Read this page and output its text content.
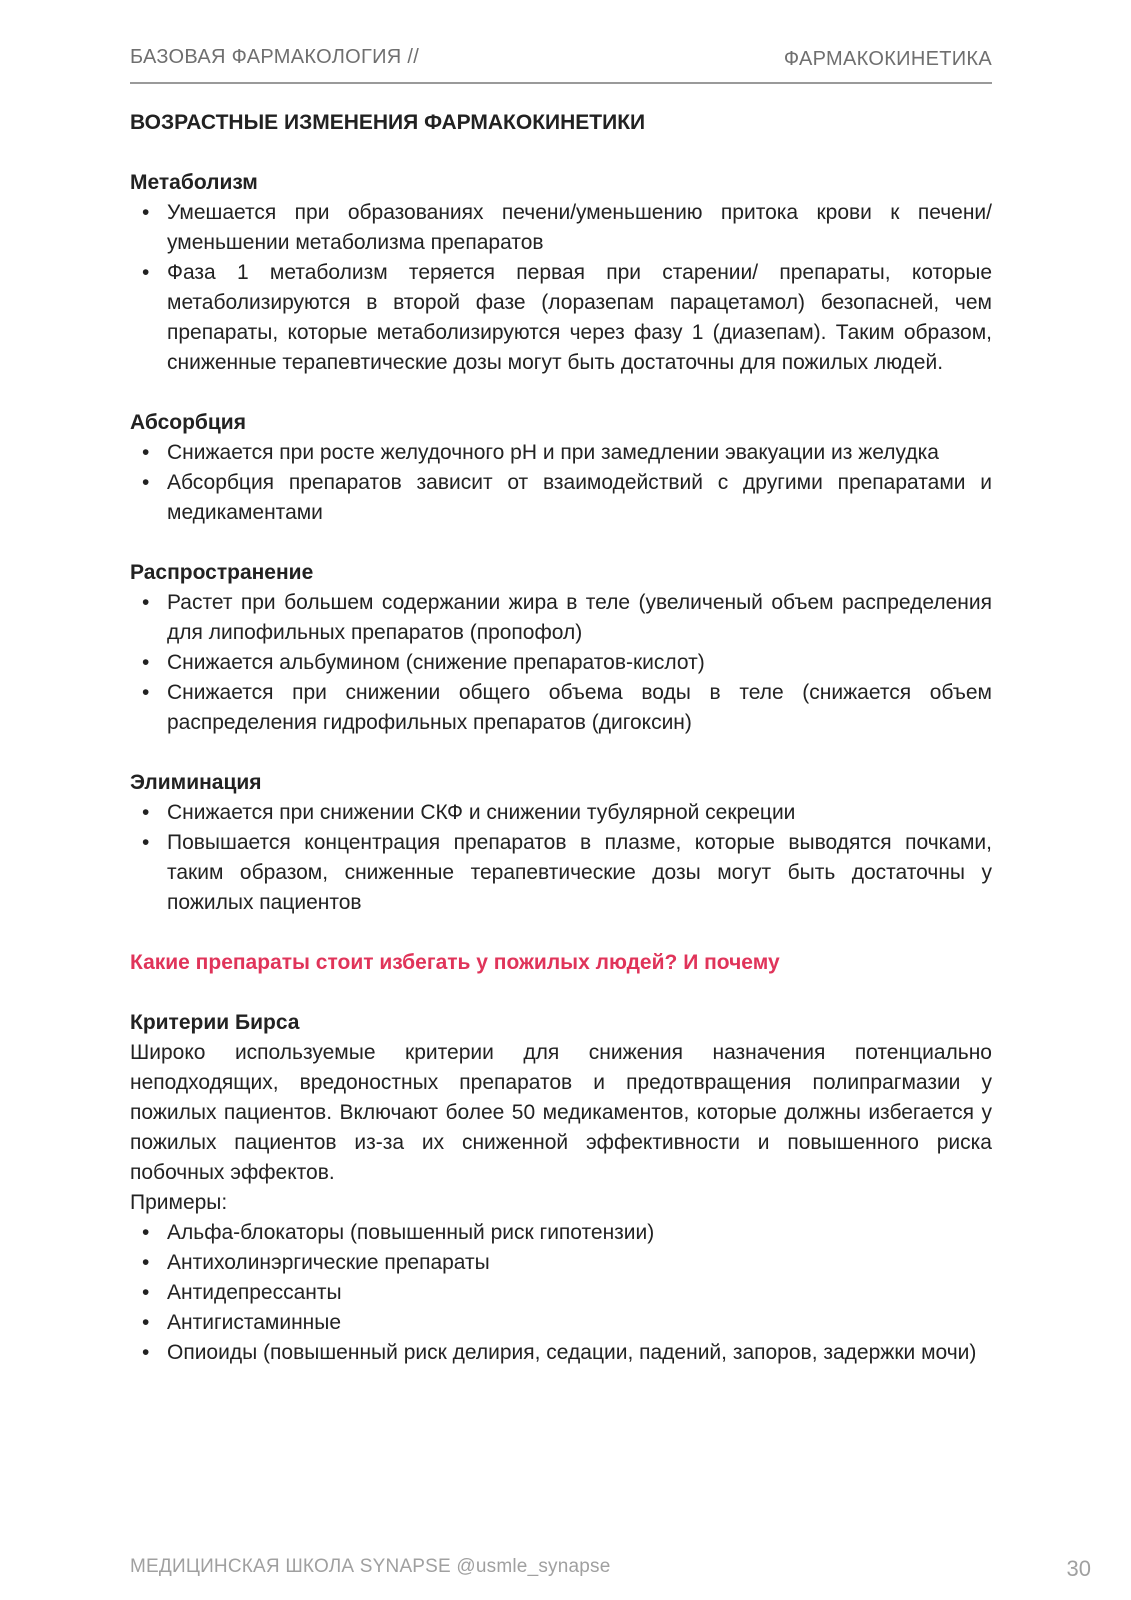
БАЗОВАЯ ФАРМАКОЛОГИЯ //	ФАРМАКОКИНЕТИКА
ВОЗРАСТНЫЕ ИЗМЕНЕНИЯ ФАРМАКОКИНЕТИКИ
Метаболизм
• Умешается при образованиях печени/уменьшению притока крови к печени/уменьшении метаболизма препаратов
• Фаза 1 метаболизм теряется первая при старении/ препараты, которые метаболизируются в второй фазе (лоразепам парацетамол) безопасней, чем препараты, которые метаболизируются через фазу 1 (диазепам). Таким образом, сниженные терапевтические дозы могут быть достаточны для пожилых людей.
Абсорбция
• Снижается при росте желудочного pH и при замедлении эвакуации из желудка
• Абсорбция препаратов зависит от взаимодействий с другими препаратами и медикаментами
Распространение
• Растет при большем содержании жира в теле (увеличеный объем распределения для липофильных препаратов (пропофол)
• Снижается альбумином (снижение препаратов-кислот)
• Снижается при снижении общего объема воды в теле (снижается объем распределения гидрофильных препаратов (дигоксин)
Элиминация
• Снижается при снижении СКФ и снижении тубулярной секреции
• Повышается концентрация препаратов в плазме, которые выводятся почками, таким образом, сниженные терапевтические дозы могут быть достаточны у пожилых пациентов
Какие препараты стоит избегать у пожилых людей? И почему
Критерии Бирса
Широко используемые критерии для снижения назначения потенциально неподходящих, вредоностных препаратов и предотвращения полипрагмазии у пожилых пациентов. Включают более 50 медикаментов, которые должны избегается у пожилых пациентов из-за их сниженной эффективности и повышенного риска побочных эффектов.
Примеры:
• Альфа-блокаторы (повышенный риск гипотензии)
• Антихолинэргические препараты
• Антидепрессанты
• Антигистаминные
• Опиоиды (повышенный риск делирия, седации, падений, запоров, задержки мочи)
МЕДИЦИНСКАЯ ШКОЛА SYNAPSE @usmle_synapse	30
